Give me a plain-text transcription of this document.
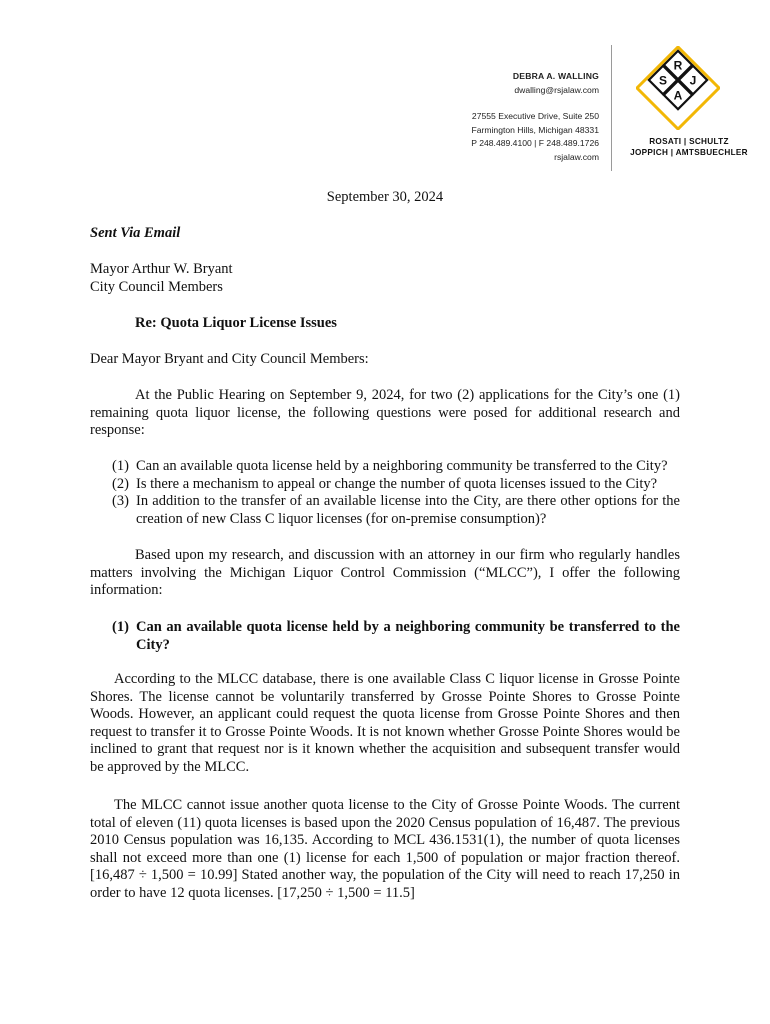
DEBRA A. WALLING
dwalling@rsjalaw.com
27555 Executive Drive, Suite 250
Farmington Hills, Michigan 48331
P 248.489.4100 | F 248.489.1726
rsjalaw.com
R
S J
A
ROSATI | SCHULTZ
JOPPICH | AMTSBUECHLER
September 30, 2024
Sent Via Email
Mayor Arthur W. Bryant
City Council Members
Re: Quota Liquor License Issues
Dear Mayor Bryant and City Council Members:
At the Public Hearing on September 9, 2024, for two (2) applications for the City’s one (1) remaining quota liquor license, the following questions were posed for additional research and response:
(1) Can an available quota license held by a neighboring community be transferred to the City?
(2) Is there a mechanism to appeal or change the number of quota licenses issued to the City?
(3) In addition to the transfer of an available license into the City, are there other options for the creation of new Class C liquor licenses (for on-premise consumption)?
Based upon my research, and discussion with an attorney in our firm who regularly handles matters involving the Michigan Liquor Control Commission (“MLCC”), I offer the following information:
(1) Can an available quota license held by a neighboring community be transferred to the City?
According to the MLCC database, there is one available Class C liquor license in Grosse Pointe Shores. The license cannot be voluntarily transferred by Grosse Pointe Shores to Grosse Pointe Woods. However, an applicant could request the quota license from Grosse Pointe Shores and then request to transfer it to Grosse Pointe Woods. It is not known whether Grosse Pointe Shores would be inclined to grant that request nor is it known whether the acquisition and subsequent transfer would be approved by the MLCC.
The MLCC cannot issue another quota license to the City of Grosse Pointe Woods. The current total of eleven (11) quota licenses is based upon the 2020 Census population of 16,487. The previous 2010 Census population was 16,135. According to MCL 436.1531(1), the number of quota licenses shall not exceed more than one (1) license for each 1,500 of population or major fraction thereof. [16,487 ÷ 1,500 = 10.99] Stated another way, the population of the City will need to reach 17,250 in order to have 12 quota licenses. [17,250 ÷ 1,500 = 11.5]
